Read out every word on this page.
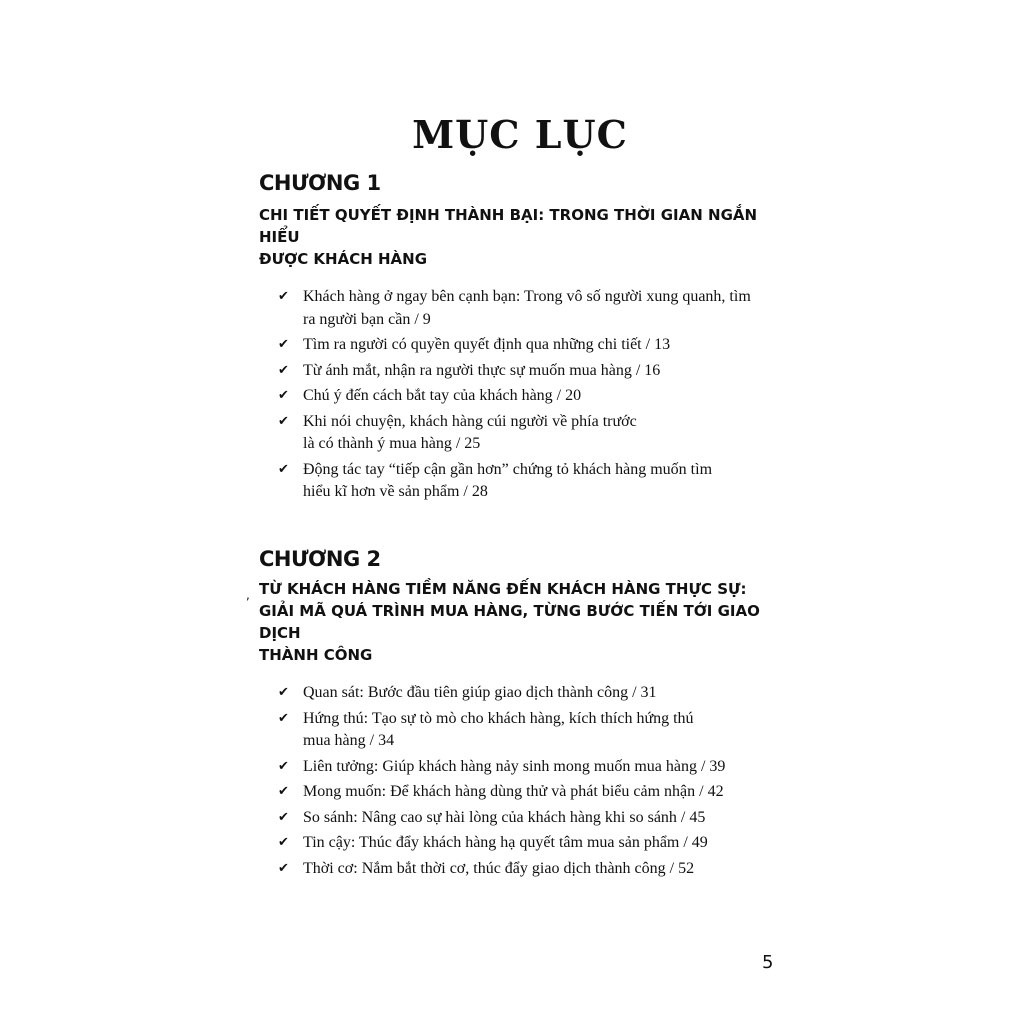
MỤC LỤC
CHƯƠNG 1
CHI TIẾT QUYẾT ĐỊNH THÀNH BẠI: TRONG THỜI GIAN NGẮN HIỂU
ĐƯỢC KHÁCH HÀNG
✔ Khách hàng ở ngay bên cạnh bạn: Trong vô số người xung quanh, tìm ra người bạn cần / 9
✔ Tìm ra người có quyền quyết định qua những chi tiết / 13
✔ Từ ánh mắt, nhận ra người thực sự muốn mua hàng / 16
✔ Chú ý đến cách bắt tay của khách hàng / 20
✔ Khi nói chuyện, khách hàng cúi người về phía trước là có thành ý mua hàng / 25
✔ Động tác tay “tiếp cận gần hơn” chứng tỏ khách hàng muốn tìm hiểu kĩ hơn về sản phẩm / 28
CHƯƠNG 2
TỪ KHÁCH HÀNG TIỀM NĂNG ĐẾN KHÁCH HÀNG THỰC SỰ:
GIẢI MÃ QUÁ TRÌNH MUA HÀNG, TỪNG BƯỚC TIẾN TỚI GIAO DỊCH
THÀNH CÔNG
✔ Quan sát: Bước đầu tiên giúp giao dịch thành công / 31
✔ Hứng thú: Tạo sự tò mò cho khách hàng, kích thích hứng thú mua hàng / 34
✔ Liên tưởng: Giúp khách hàng nảy sinh mong muốn mua hàng / 39
✔ Mong muốn: Để khách hàng dùng thử và phát biểu cảm nhận / 42
✔ So sánh: Nâng cao sự hài lòng của khách hàng khi so sánh / 45
✔ Tin cậy: Thúc đẩy khách hàng hạ quyết tâm mua sản phẩm / 49
✔ Thời cơ: Nắm bắt thời cơ, thúc đẩy giao dịch thành công / 52
,
5
